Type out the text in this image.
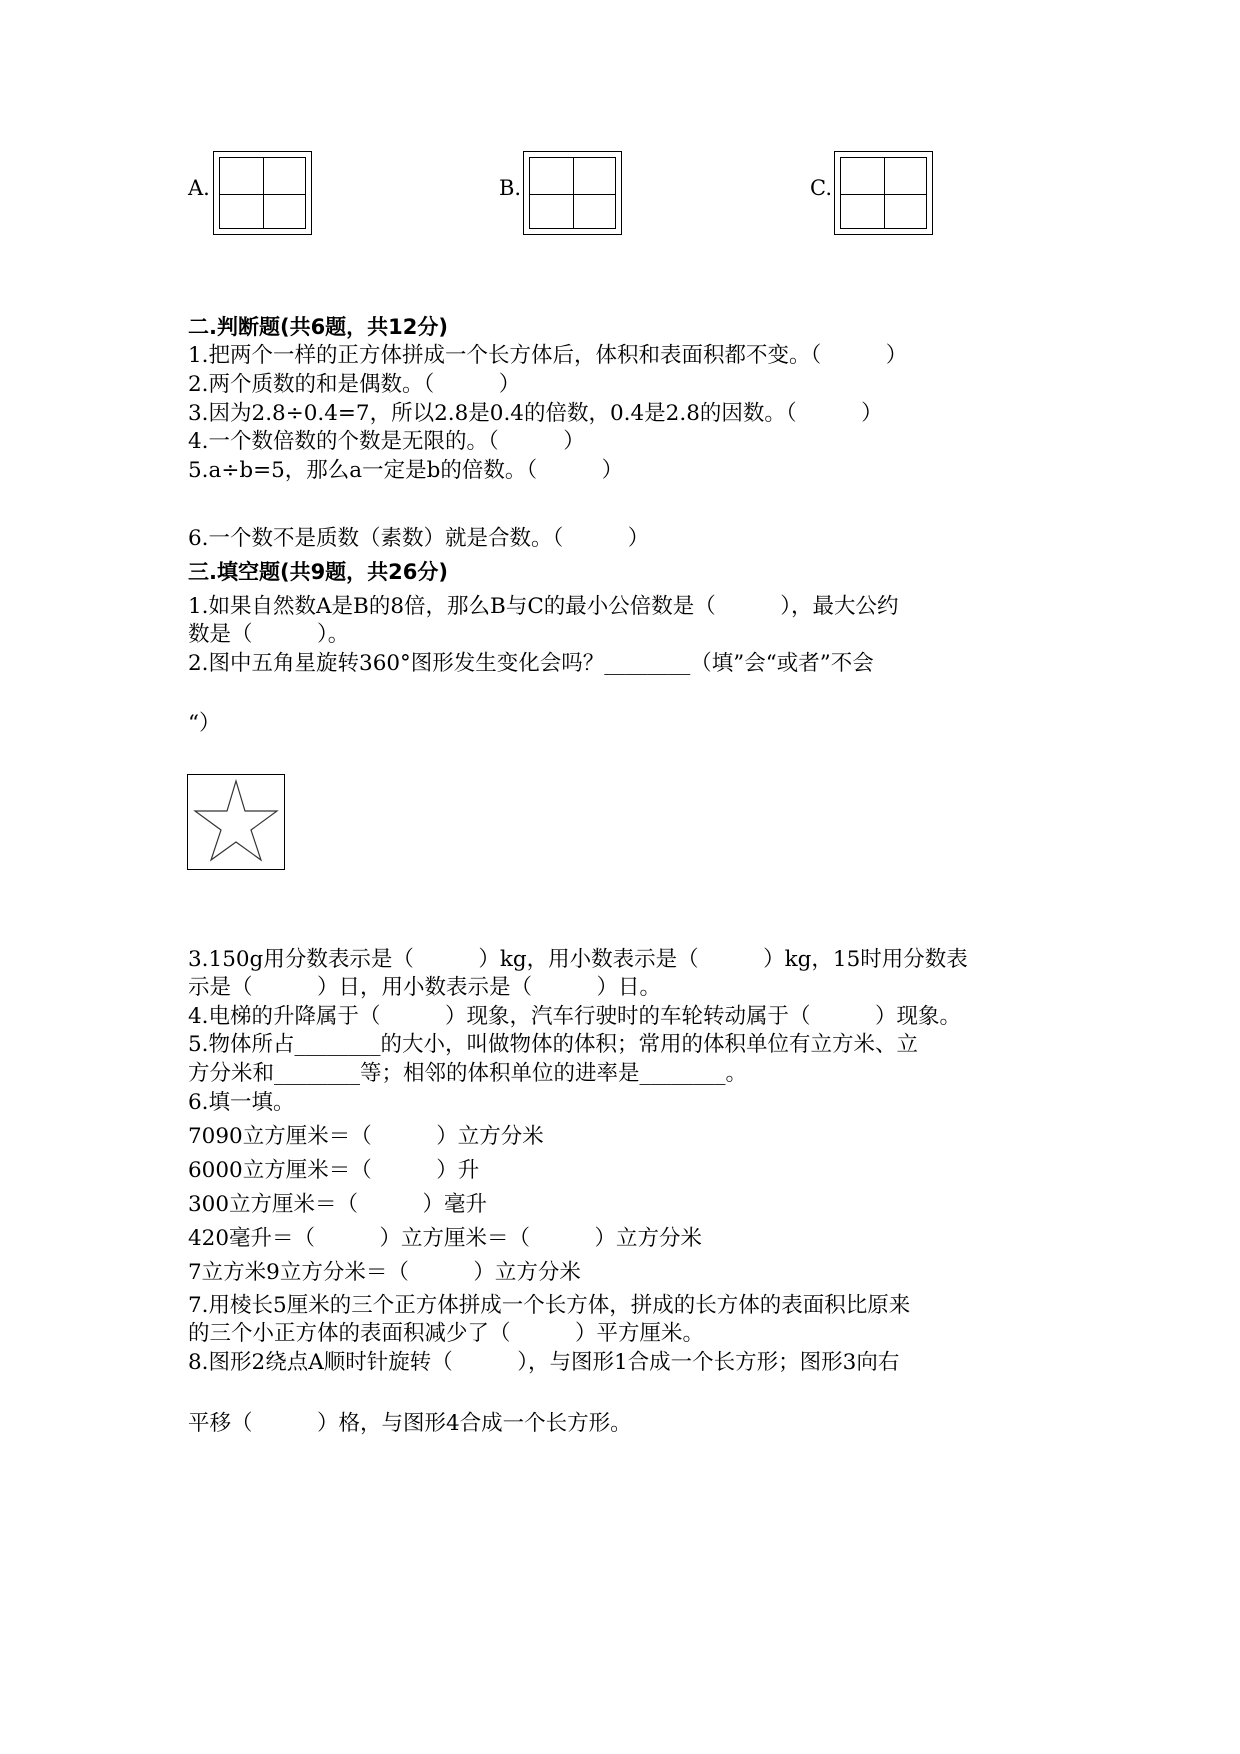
A.	B.	C.
二.判断题(共6题，共12分)
1.把两个一样的正方体拼成一个长方体后，体积和表面积都不变。（　　　）
2.两个质数的和是偶数。（　　　）
3.因为2.8÷0.4=7，所以2.8是0.4的倍数，0.4是2.8的因数。（　　　）
4.一个数倍数的个数是无限的。（　　　）
5.a÷b=5，那么a一定是b的倍数。（　　　）
6.一个数不是质数（素数）就是合数。（　　　）
三.填空题(共9题，共26分)
1.如果自然数A是B的8倍，那么B与C的最小公倍数是（　　　），最大公约
数是（　　　）。
2.图中五角星旋转360°图形发生变化会吗？________（填”会“或者”不会
“）
3.150g用分数表示是（　　　）kg，用小数表示是（　　　）kg，15时用分数表
示是（　　　）日，用小数表示是（　　　）日。
4.电梯的升降属于（　　　）现象，汽车行驶时的车轮转动属于（　　　）现象。
5.物体所占________的大小，叫做物体的体积；常用的体积单位有立方米、立
方分米和________等；相邻的体积单位的进率是________。
6.填一填。
7090立方厘米＝（　　　）立方分米
6000立方厘米＝（　　　）升
300立方厘米＝（　　　）毫升
420毫升＝（　　　）立方厘米＝（　　　）立方分米
7立方米9立方分米＝（　　　）立方分米
7.用棱长5厘米的三个正方体拼成一个长方体，拼成的长方体的表面积比原来
的三个小正方体的表面积减少了（　　　）平方厘米。
8.图形2绕点A顺时针旋转（　　　），与图形1合成一个长方形；图形3向右
平移（　　　）格，与图形4合成一个长方形。
